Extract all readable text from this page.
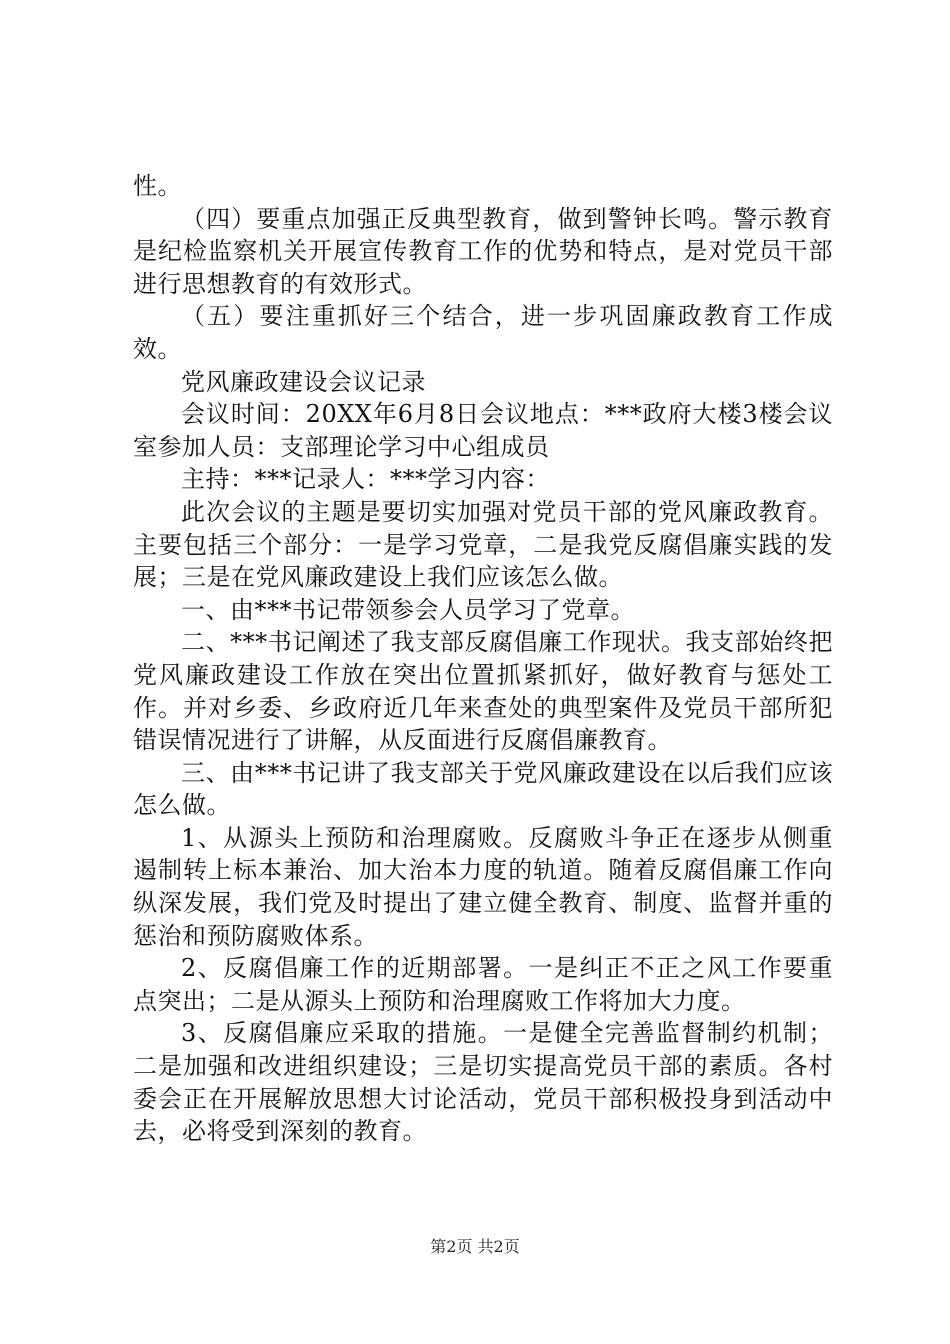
性。

（四）要重点加强正反典型教育，做到警钟长鸣。警示教育是纪检监察机关开展宣传教育工作的优势和特点，是对党员干部进行思想教育的有效形式。

（五）要注重抓好三个结合，进一步巩固廉政教育工作成效。

党风廉政建设会议记录

会议时间：20XX年6月8日会议地点：***政府大楼3楼会议室参加人员：支部理论学习中心组成员

主持：***记录人：***学习内容：

此次会议的主题是要切实加强对党员干部的党风廉政教育。主要包括三个部分：一是学习党章，二是我党反腐倡廉实践的发展；三是在党风廉政建设上我们应该怎么做。

一、由***书记带领参会人员学习了党章。

二、***书记阐述了我支部反腐倡廉工作现状。我支部始终把党风廉政建设工作放在突出位置抓紧抓好，做好教育与惩处工作。并对乡委、乡政府近几年来查处的典型案件及党员干部所犯错误情况进行了讲解，从反面进行反腐倡廉教育。

三、由***书记讲了我支部关于党风廉政建设在以后我们应该怎么做。

1、从源头上预防和治理腐败。反腐败斗争正在逐步从侧重遏制转上标本兼治、加大治本力度的轨道。随着反腐倡廉工作向纵深发展，我们党及时提出了建立健全教育、制度、监督并重的惩治和预防腐败体系。

2、反腐倡廉工作的近期部署。一是纠正不正之风工作要重点突出；二是从源头上预防和治理腐败工作将加大力度。

3、反腐倡廉应采取的措施。一是健全完善监督制约机制；二是加强和改进组织建设；三是切实提高党员干部的素质。各村委会正在开展解放思想大讨论活动，党员干部积极投身到活动中去，必将受到深刻的教育。

第2页 共2页
